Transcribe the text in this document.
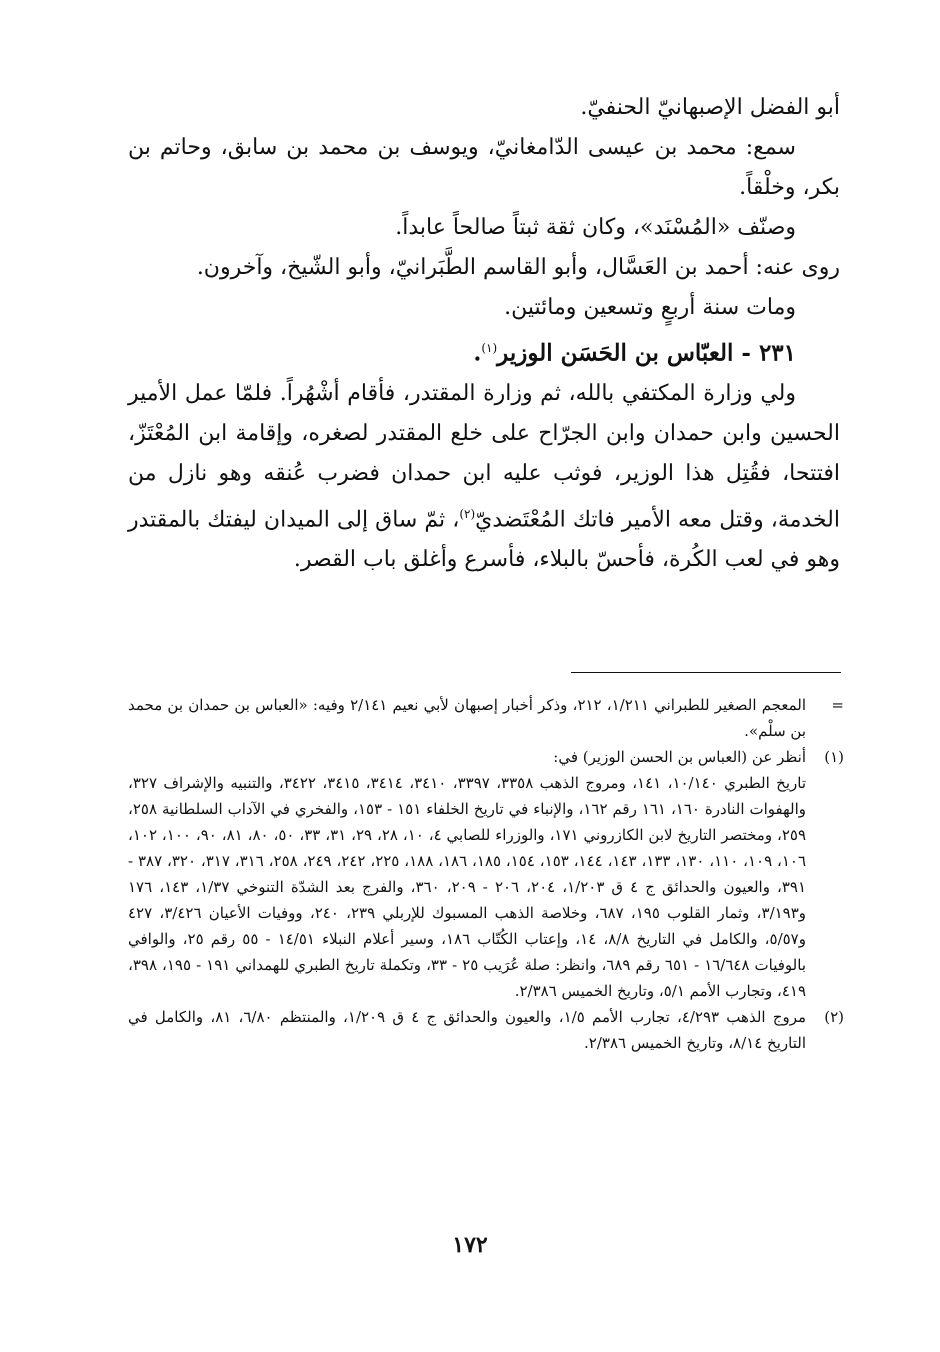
أبو الفضل الإصبهانيّ الحنفيّ.

سمع: محمد بن عيسى الدّامغانيّ، ويوسف بن محمد بن سابق، وحاتم بن بكر، وخلْقاً.

وصنّف «المُسْنَد»، وكان ثقة ثبتاً صالحاً عابداً.

روى عنه: أحمد بن العَسَّال، وأبو القاسم الطَّبَرانيّ، وأبو الشّيخ، وآخرون.

ومات سنة أربعٍ وتسعين ومائتين.

٢٣١ - العبّاس بن الحَسَن الوزير$^{(١)}$.

ولي وزارة المكتفي بالله، ثم وزارة المقتدر، فأقام أشْهُراً. فلمّا عمل الأمير الحسين وابن حمدان وابن الجرّاح على خلع المقتدر لصغره، وإقامة ابن المُعْتَزّ، افتتحا، فقُتِل هذا الوزير، فوثب عليه ابن حمدان فضرب عُنقه وهو نازل من الخدمة، وقتل معه الأمير فاتك المُعْتَضديّ$^{(٢)}$، ثمّ ساق إلى الميدان ليفتك بالمقتدر وهو في لعب الكُرة، فأحسّ بالبلاء، فأسرع وأغلق باب القصر.

=
المعجم الصغير للطبراني ١/٢١١، ٢١٢، وذكر أخبار إصبهان لأبي نعيم ٢/١٤١ وفيه: «العباس بن حمدان بن محمد بن سلْم».
(١)
أنظر عن (العباس بن الحسن الوزير) في:
تاريخ الطبري ١٠/١٤٠، ١٤١، ومروج الذهب ٣٣٥٨، ٣٣٩٧، ٣٤١٠، ٣٤١٤، ٣٤١٥، ٣٤٢٢، والتنبيه والإشراف ٣٢٧، والهفوات النادرة ١٦٠، ١٦١ رقم ١٦٢، والإنباء في تاريخ الخلفاء ١٥١ - ١٥٣، والفخري في الآداب السلطانية ٢٥٨، ٢٥٩، ومختصر التاريخ لابن الكازروني ١٧١، والوزراء للصابي ٤، ١٠، ٢٨، ٢٩، ٣١، ٣٣، ٥٠، ٨٠، ٨١، ٩٠، ١٠٠، ١٠٢، ١٠٦، ١٠٩، ١١٠، ١٣٠، ١٣٣، ١٤٣، ١٤٤، ١٥٣، ١٥٤، ١٨٥، ١٨٦، ١٨٨، ٢٢٥، ٢٤٢، ٢٤٩، ٢٥٨، ٣١٦، ٣١٧، ٣٢٠، ٣٨٧ - ٣٩١، والعيون والحدائق ج ٤ ق ١/٢٠٣، ٢٠٤، ٢٠٦ - ٢٠٩، ٣٦٠، والفرج بعد الشدّة التنوخي ١/٣٧، ١٤٣، ١٧٦ و٣/١٩٣، وثمار القلوب ١٩٥، ٦٨٧، وخلاصة الذهب المسبوك للإربلي ٢٣٩، ٢٤٠، ووفيات الأعيان ٣/٤٢٦، ٤٢٧ و٥/٥٧، والكامل في التاريخ ٨/٨، ١٤، وإعتاب الكُتّاب ١٨٦، وسير أعلام النبلاء ١٤/٥١ - ٥٥ رقم ٢٥، والوافي بالوفيات ١٦/٦٤٨ - ٦٥١ رقم ٦٨٩، وانظر: صلة عُرَيب ٢٥ - ٣٣، وتكملة تاريخ الطبري للهمداني ١٩١ - ١٩٥، ٣٩٨، ٤١٩، وتجارب الأمم ٥/١، وتاريخ الخميس ٢/٣٨٦.
(٢)
مروج الذهب ٤/٢٩٣، تجارب الأمم ١/٥، والعيون والحدائق ج ٤ ق ١/٢٠٩، والمنتظم ٦/٨٠، ٨١، والكامل في التاريخ ٨/١٤، وتاريخ الخميس ٢/٣٨٦.
١٧٢
